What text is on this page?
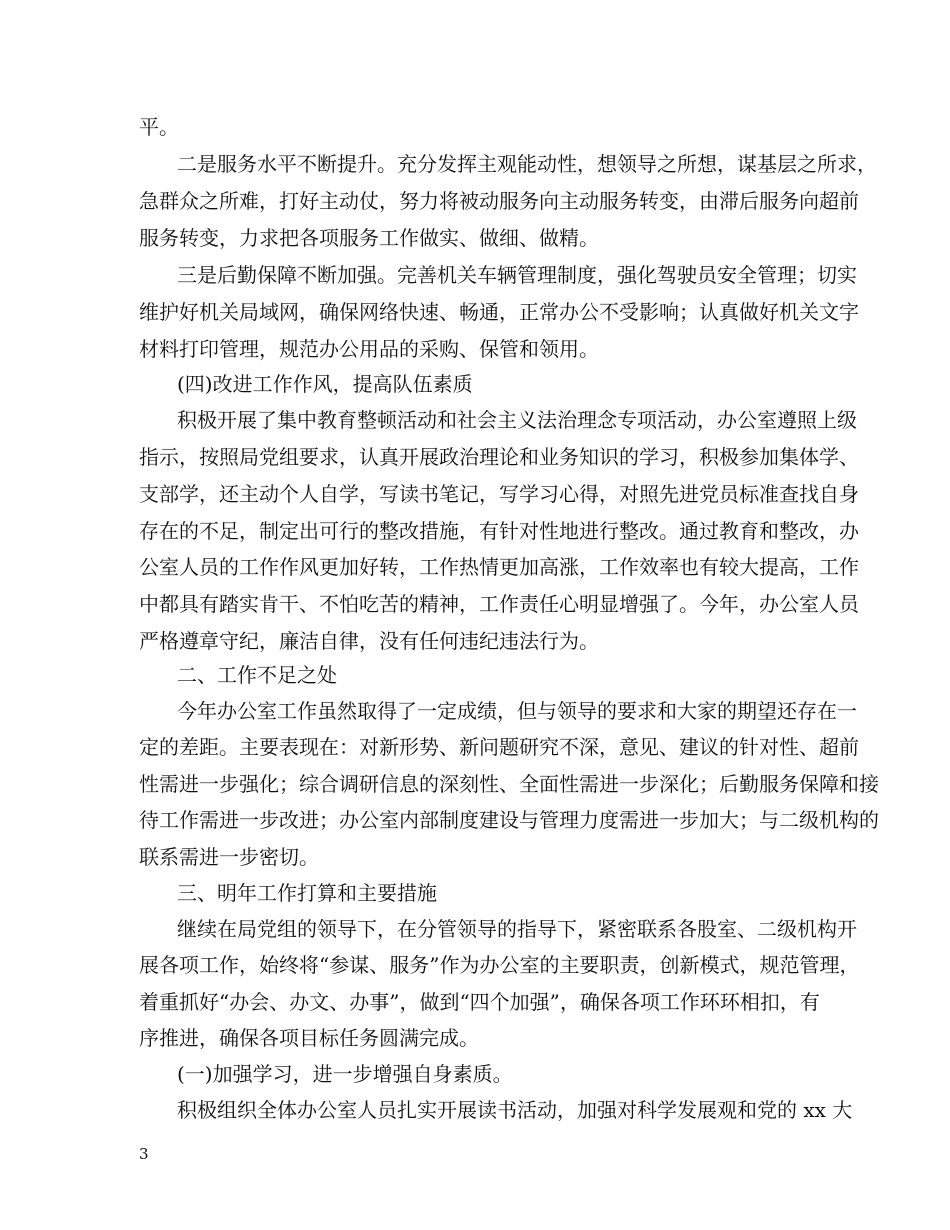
平。
二是服务水平不断提升。充分发挥主观能动性，想领导之所想，谋基层之所求，
急群众之所难，打好主动仗，努力将被动服务向主动服务转变，由滞后服务向超前
服务转变，力求把各项服务工作做实、做细、做精。
三是后勤保障不断加强。完善机关车辆管理制度，强化驾驶员安全管理；切实
维护好机关局域网，确保网络快速、畅通，正常办公不受影响；认真做好机关文字
材料打印管理，规范办公用品的采购、保管和领用。
(四)改进工作作风，提高队伍素质
积极开展了集中教育整顿活动和社会主义法治理念专项活动，办公室遵照上级
指示，按照局党组要求，认真开展政治理论和业务知识的学习，积极参加集体学、
支部学，还主动个人自学，写读书笔记，写学习心得，对照先进党员标准查找自身
存在的不足，制定出可行的整改措施，有针对性地进行整改。通过教育和整改，办
公室人员的工作作风更加好转，工作热情更加高涨，工作效率也有较大提高，工作
中都具有踏实肯干、不怕吃苦的精神，工作责任心明显增强了。今年，办公室人员
严格遵章守纪，廉洁自律，没有任何违纪违法行为。
二、工作不足之处
今年办公室工作虽然取得了一定成绩，但与领导的要求和大家的期望还存在一
定的差距。主要表现在：对新形势、新问题研究不深，意见、建议的针对性、超前
性需进一步强化；综合调研信息的深刻性、全面性需进一步深化；后勤服务保障和接
待工作需进一步改进；办公室内部制度建设与管理力度需进一步加大；与二级机构的
联系需进一步密切。
三、明年工作打算和主要措施
继续在局党组的领导下，在分管领导的指导下，紧密联系各股室、二级机构开
展各项工作，始终将“参谋、服务”作为办公室的主要职责，创新模式，规范管理，
着重抓好“办会、办文、办事”，做到“四个加强”，确保各项工作环环相扣，有
序推进，确保各项目标任务圆满完成。
(一)加强学习，进一步增强自身素质。
积极组织全体办公室人员扎实开展读书活动，加强对科学发展观和党的 xx 大
3
